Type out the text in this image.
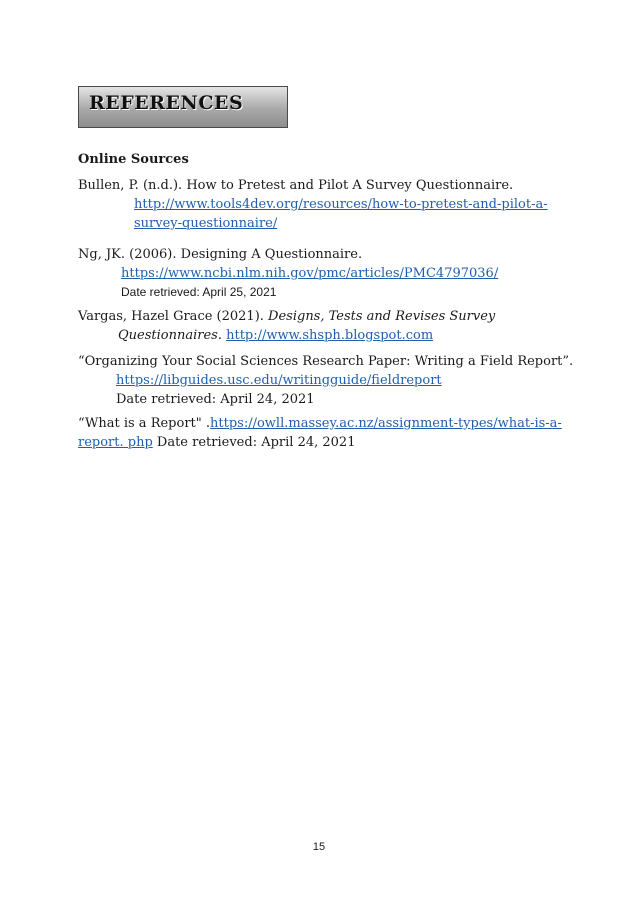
REFERENCES
Online Sources
Bullen, P. (n.d.). How to Pretest and Pilot A Survey Questionnaire.
http://www.tools4dev.org/resources/how-to-pretest-and-pilot-a-
survey-questionnaire/
Ng, JK. (2006). Designing A Questionnaire.
https://www.ncbi.nlm.nih.gov/pmc/articles/PMC4797036/
Date retrieved: April 25, 2021
Vargas, Hazel Grace (2021). Designs, Tests and Revises Survey
Questionnaires. http://www.shsph.blogspot.com
“Organizing Your Social Sciences Research Paper: Writing a Field Report”.
https://libguides.usc.edu/writingguide/fieldreport
Date retrieved: April 24, 2021
“What is a Report" .https://owll.massey.ac.nz/assignment-types/what-is-a-
report. php Date retrieved: April 24, 2021
15
